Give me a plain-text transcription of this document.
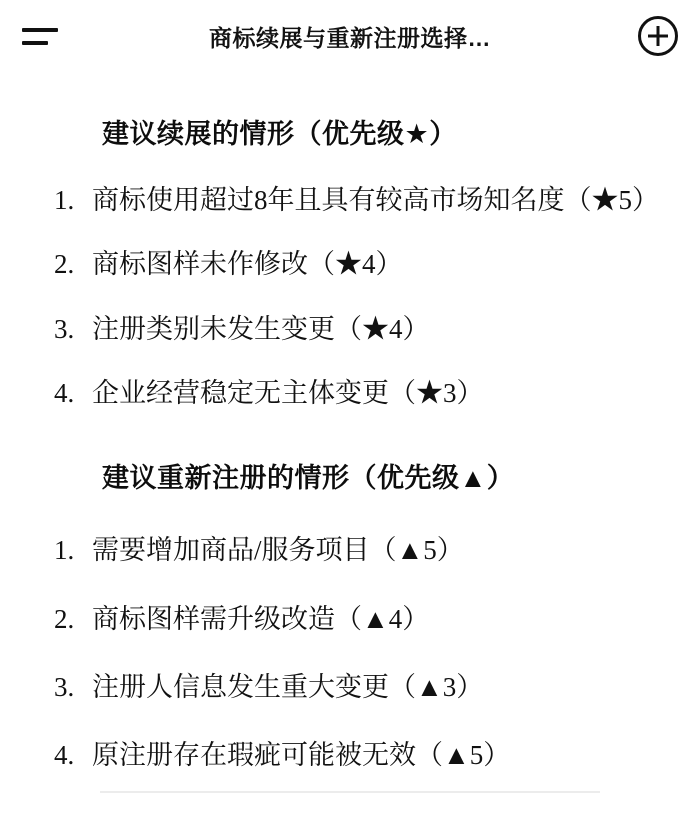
商标续展与重新注册选择…
建议续展的情形（优先级★）
1. 商标使用超过8年且具有较高市场知名度（★5）
2. 商标图样未作修改（★4）
3. 注册类别未发生变更（★4）
4. 企业经营稳定无主体变更（★3）
建议重新注册的情形（优先级▲）
1. 需要增加商品/服务项目（▲5）
2. 商标图样需升级改造（▲4）
3. 注册人信息发生重大变更（▲3）
4. 原注册存在瑕疵可能被无效（▲5）
